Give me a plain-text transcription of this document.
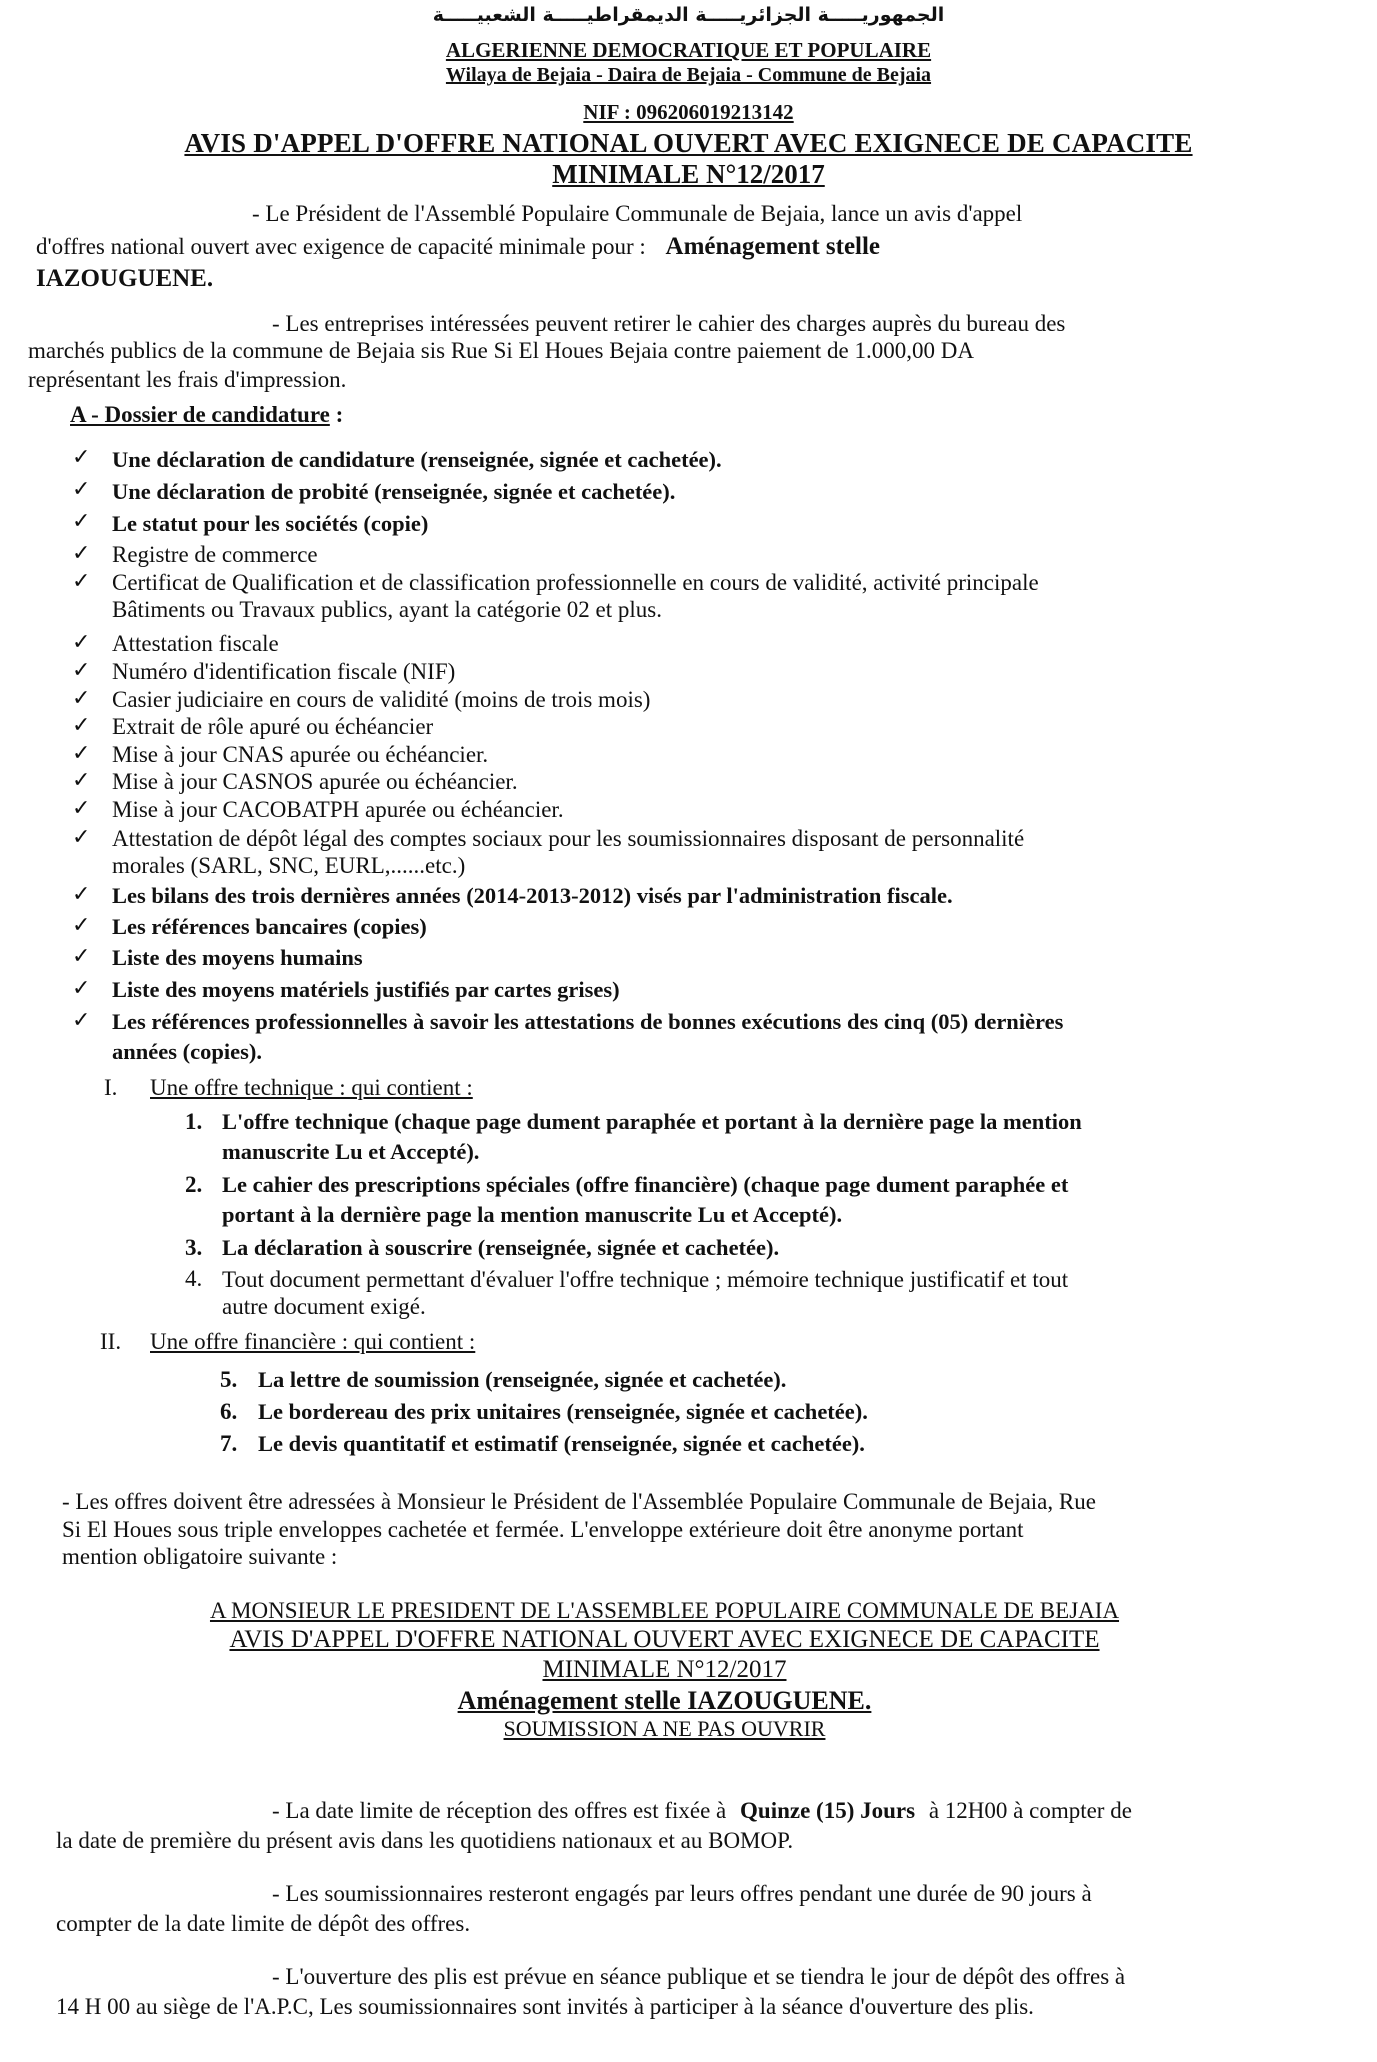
الجمهوريـــــة الجزائريـــــة الديمقراطيـــــة الشعبيـــــة
ALGERIENNE DEMOCRATIQUE ET POPULAIRE
Wilaya de Bejaia - Daira de Bejaia - Commune de Bejaia
NIF : 096206019213142
AVIS D'APPEL D'OFFRE NATIONAL OUVERT AVEC EXIGNECE DE CAPACITE
MINIMALE N°12/2017
- Le Président de l'Assemblé Populaire Communale de Bejaia, lance un avis d'appel
d'offres national ouvert avec exigence de capacité minimale pour : Aménagement stelle
IAZOUGUENE.
- Les entreprises intéressées peuvent retirer le cahier des charges auprès du bureau des
marchés publics de la commune de Bejaia sis Rue Si El Houes Bejaia contre paiement de 1.000,00 DA
représentant les frais d'impression.
A - Dossier de candidature :
✓ Une déclaration de candidature (renseignée, signée et cachetée).
✓ Une déclaration de probité (renseignée, signée et cachetée).
✓ Le statut pour les sociétés (copie)
✓ Registre de commerce
✓ Certificat de Qualification et de classification professionnelle en cours de validité, activité principale
Bâtiments ou Travaux publics, ayant la catégorie 02 et plus.
✓ Attestation fiscale
✓ Numéro d'identification fiscale (NIF)
✓ Casier judiciaire en cours de validité (moins de trois mois)
✓ Extrait de rôle apuré ou échéancier
✓ Mise à jour CNAS apurée ou échéancier.
✓ Mise à jour CASNOS apurée ou échéancier.
✓ Mise à jour CACOBATPH apurée ou échéancier.
✓ Attestation de dépôt légal des comptes sociaux pour les soumissionnaires disposant de personnalité
morales (SARL, SNC, EURL,......etc.)
✓ Les bilans des trois dernières années (2014-2013-2012) visés par l'administration fiscale.
✓ Les références bancaires (copies)
✓ Liste des moyens humains
✓ Liste des moyens matériels justifiés par cartes grises)
✓ Les références professionnelles à savoir les attestations de bonnes exécutions des cinq (05) dernières
années (copies).
I. Une offre technique : qui contient :
1. L'offre technique (chaque page dument paraphée et portant à la dernière page la mention
manuscrite Lu et Accepté).
2. Le cahier des prescriptions spéciales (offre financière) (chaque page dument paraphée et
portant à la dernière page la mention manuscrite Lu et Accepté).
3. La déclaration à souscrire (renseignée, signée et cachetée).
4. Tout document permettant d'évaluer l'offre technique ; mémoire technique justificatif et tout
autre document exigé.
II. Une offre financière : qui contient :
5. La lettre de soumission (renseignée, signée et cachetée).
6. Le bordereau des prix unitaires (renseignée, signée et cachetée).
7. Le devis quantitatif et estimatif (renseignée, signée et cachetée).
- Les offres doivent être adressées à Monsieur le Président de l'Assemblée Populaire Communale de Bejaia, Rue
Si El Houes sous triple enveloppes cachetée et fermée. L'enveloppe extérieure doit être anonyme portant
mention obligatoire suivante :
A MONSIEUR LE PRESIDENT DE L'ASSEMBLEE POPULAIRE COMMUNALE DE BEJAIA
AVIS D'APPEL D'OFFRE NATIONAL OUVERT AVEC EXIGNECE DE CAPACITE
MINIMALE N°12/2017
Aménagement stelle IAZOUGUENE.
SOUMISSION A NE PAS OUVRIR
- La date limite de réception des offres est fixée à Quinze (15) Jours à 12H00 à compter de
la date de première du présent avis dans les quotidiens nationaux et au BOMOP.
- Les soumissionnaires resteront engagés par leurs offres pendant une durée de 90 jours à
compter de la date limite de dépôt des offres.
- L'ouverture des plis est prévue en séance publique et se tiendra le jour de dépôt des offres à
14 H 00 au siège de l'A.P.C, Les soumissionnaires sont invités à participer à la séance d'ouverture des plis.
